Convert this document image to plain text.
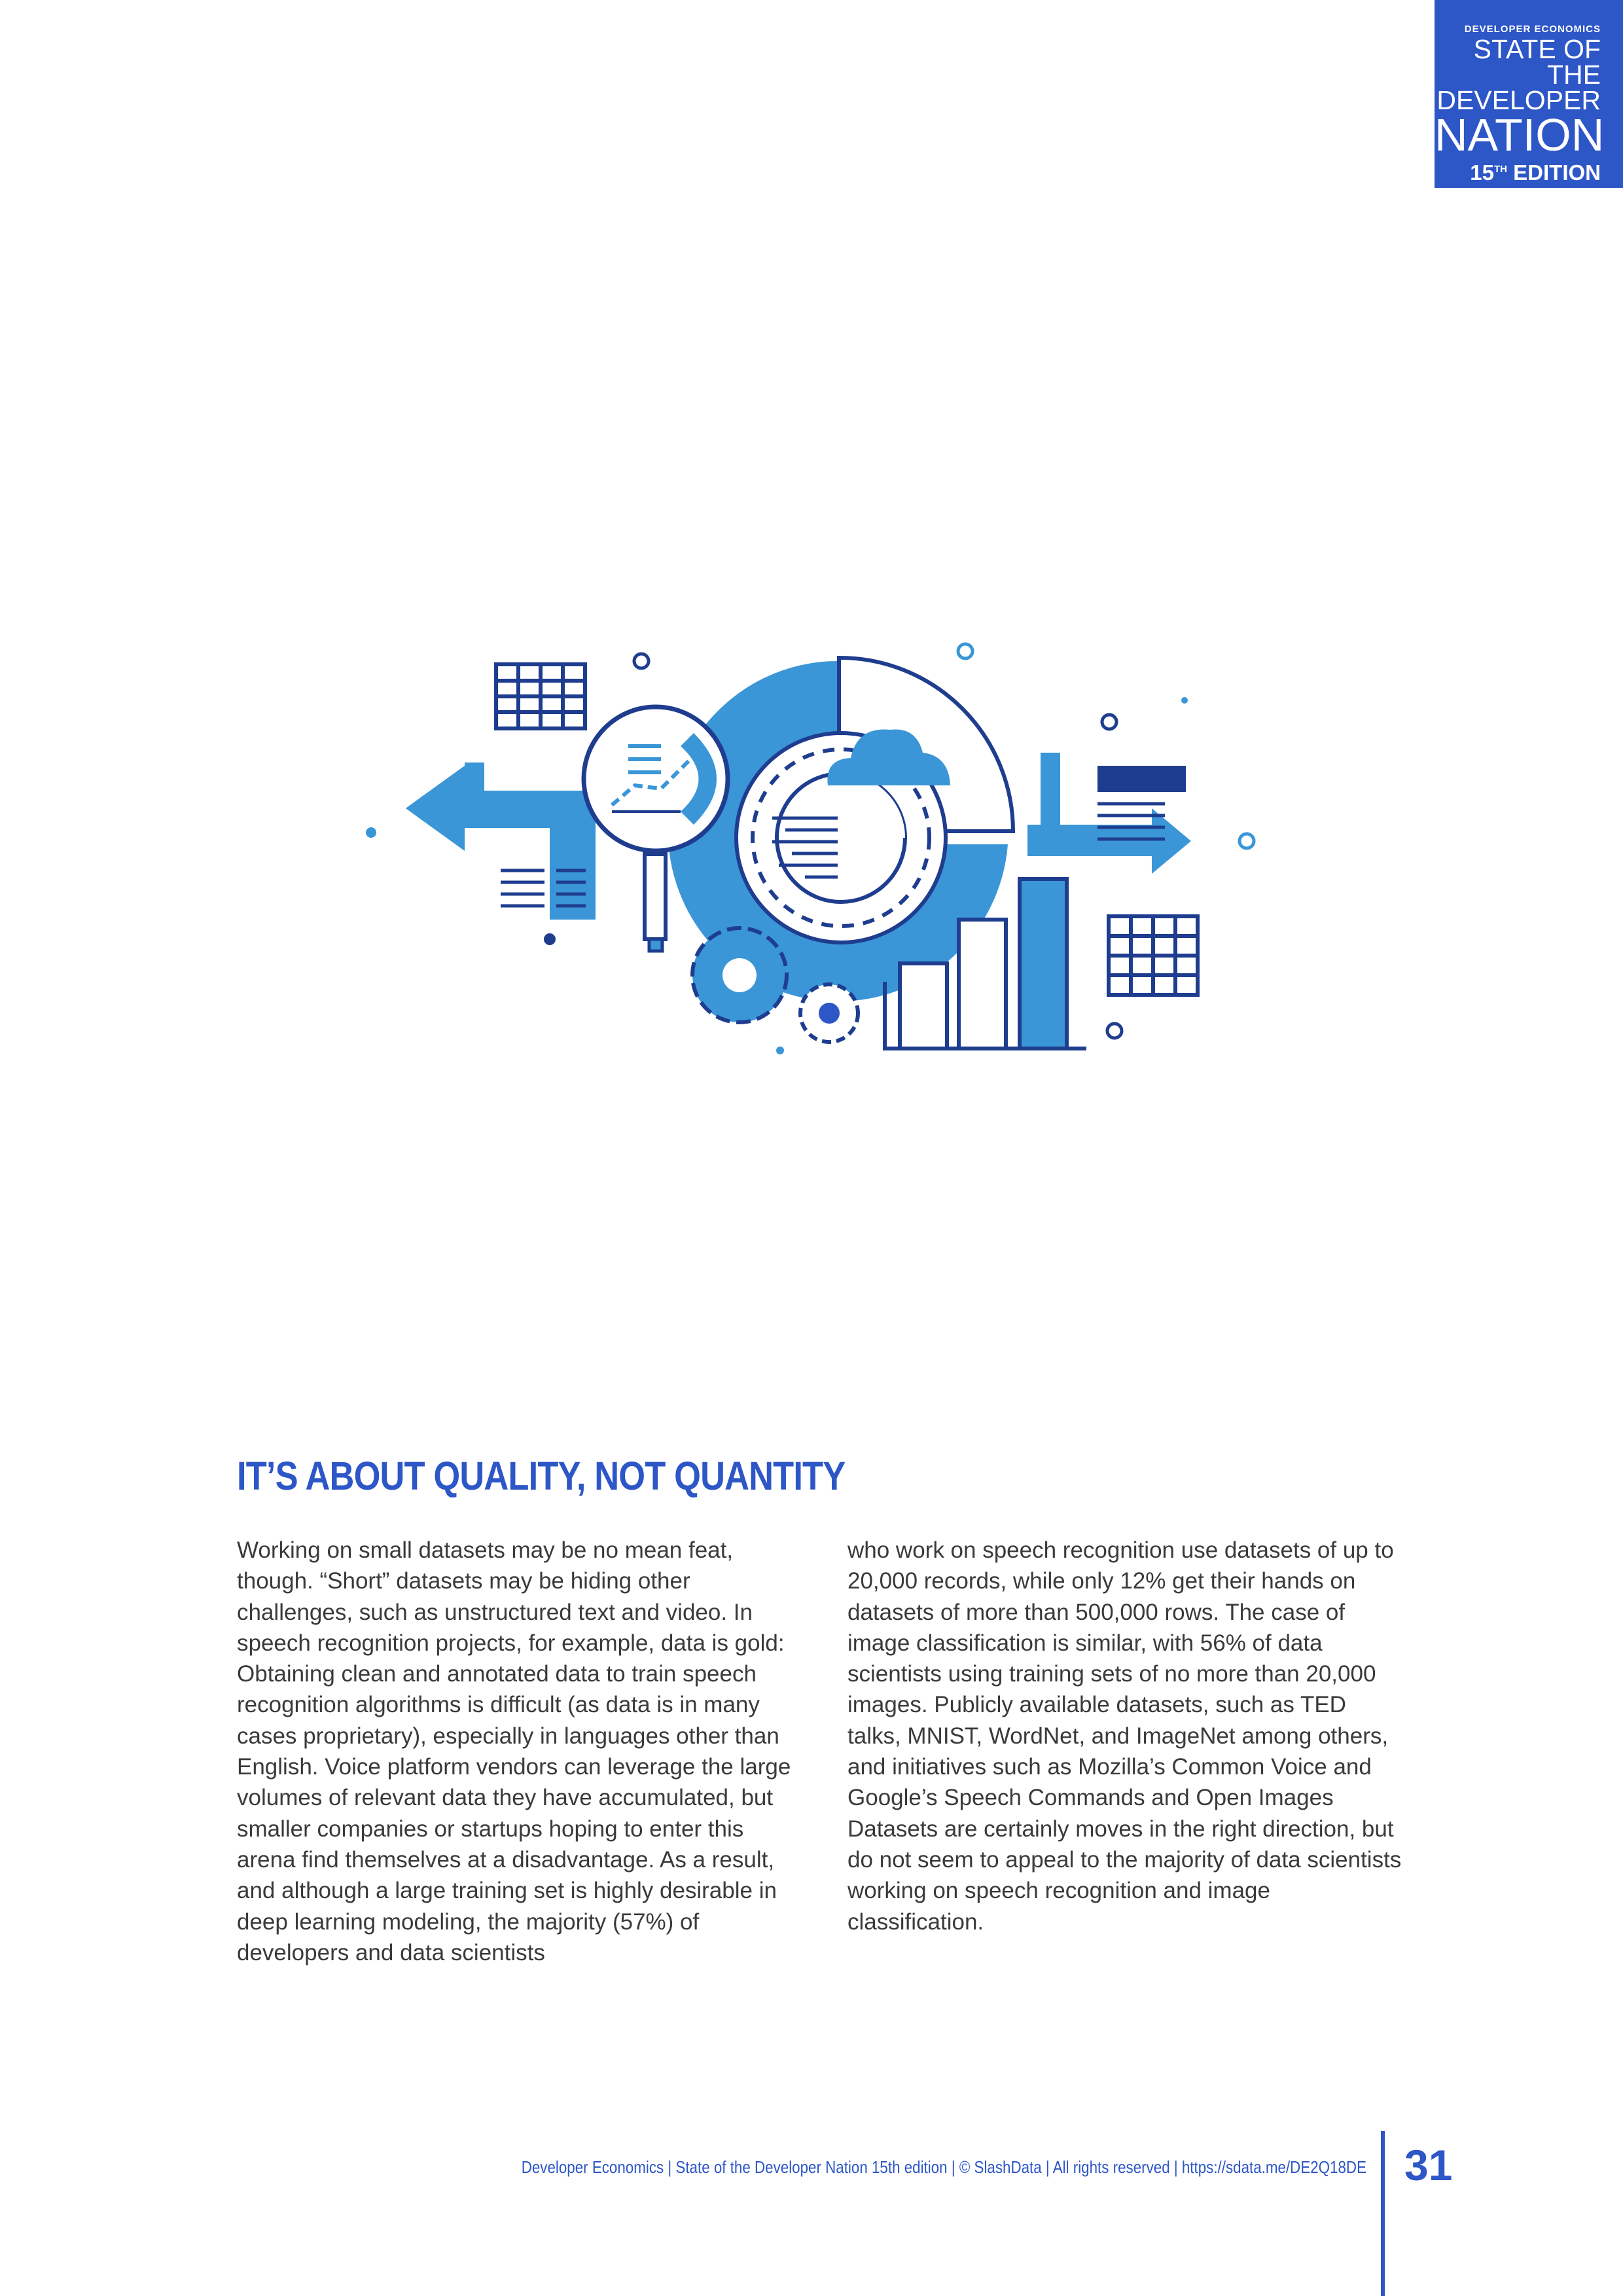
DEVELOPER ECONOMICS
STATE OF THE
DEVELOPER
NATION
15TH EDITION
IT’S ABOUT QUALITY, NOT QUANTITY

Working on small datasets may be no mean feat, though. “Short” datasets may be hiding other challenges, such as unstructured text and video. In speech recognition projects, for example, data is gold: Obtaining clean and annotated data to train speech recognition algorithms is difficult (as data is in many cases proprietary), especially in languages other than English. Voice platform vendors can leverage the large volumes of relevant data they have accumulated, but smaller companies or startups hoping to enter this arena find themselves at a disadvantage. As a result, and although a large training set is highly desirable in deep learning modeling, the majority (57%) of developers and data scientists

who work on speech recognition use datasets of up to 20,000 records, while only 12% get their hands on datasets of more than 500,000 rows. The case of image classification is similar, with 56% of data scientists using training sets of no more than 20,000 images. Publicly available datasets, such as TED talks, MNIST, WordNet, and ImageNet among others, and initiatives such as Mozilla’s Common Voice and Google’s Speech Commands and Open Images Datasets are certainly moves in the right direction, but do not seem to appeal to the majority of data scientists working on speech recognition and image classification.

Developer Economics | State of the Developer Nation 15th edition | © SlashData | All rights reserved | https://sdata.me/DE2Q18DE 31
